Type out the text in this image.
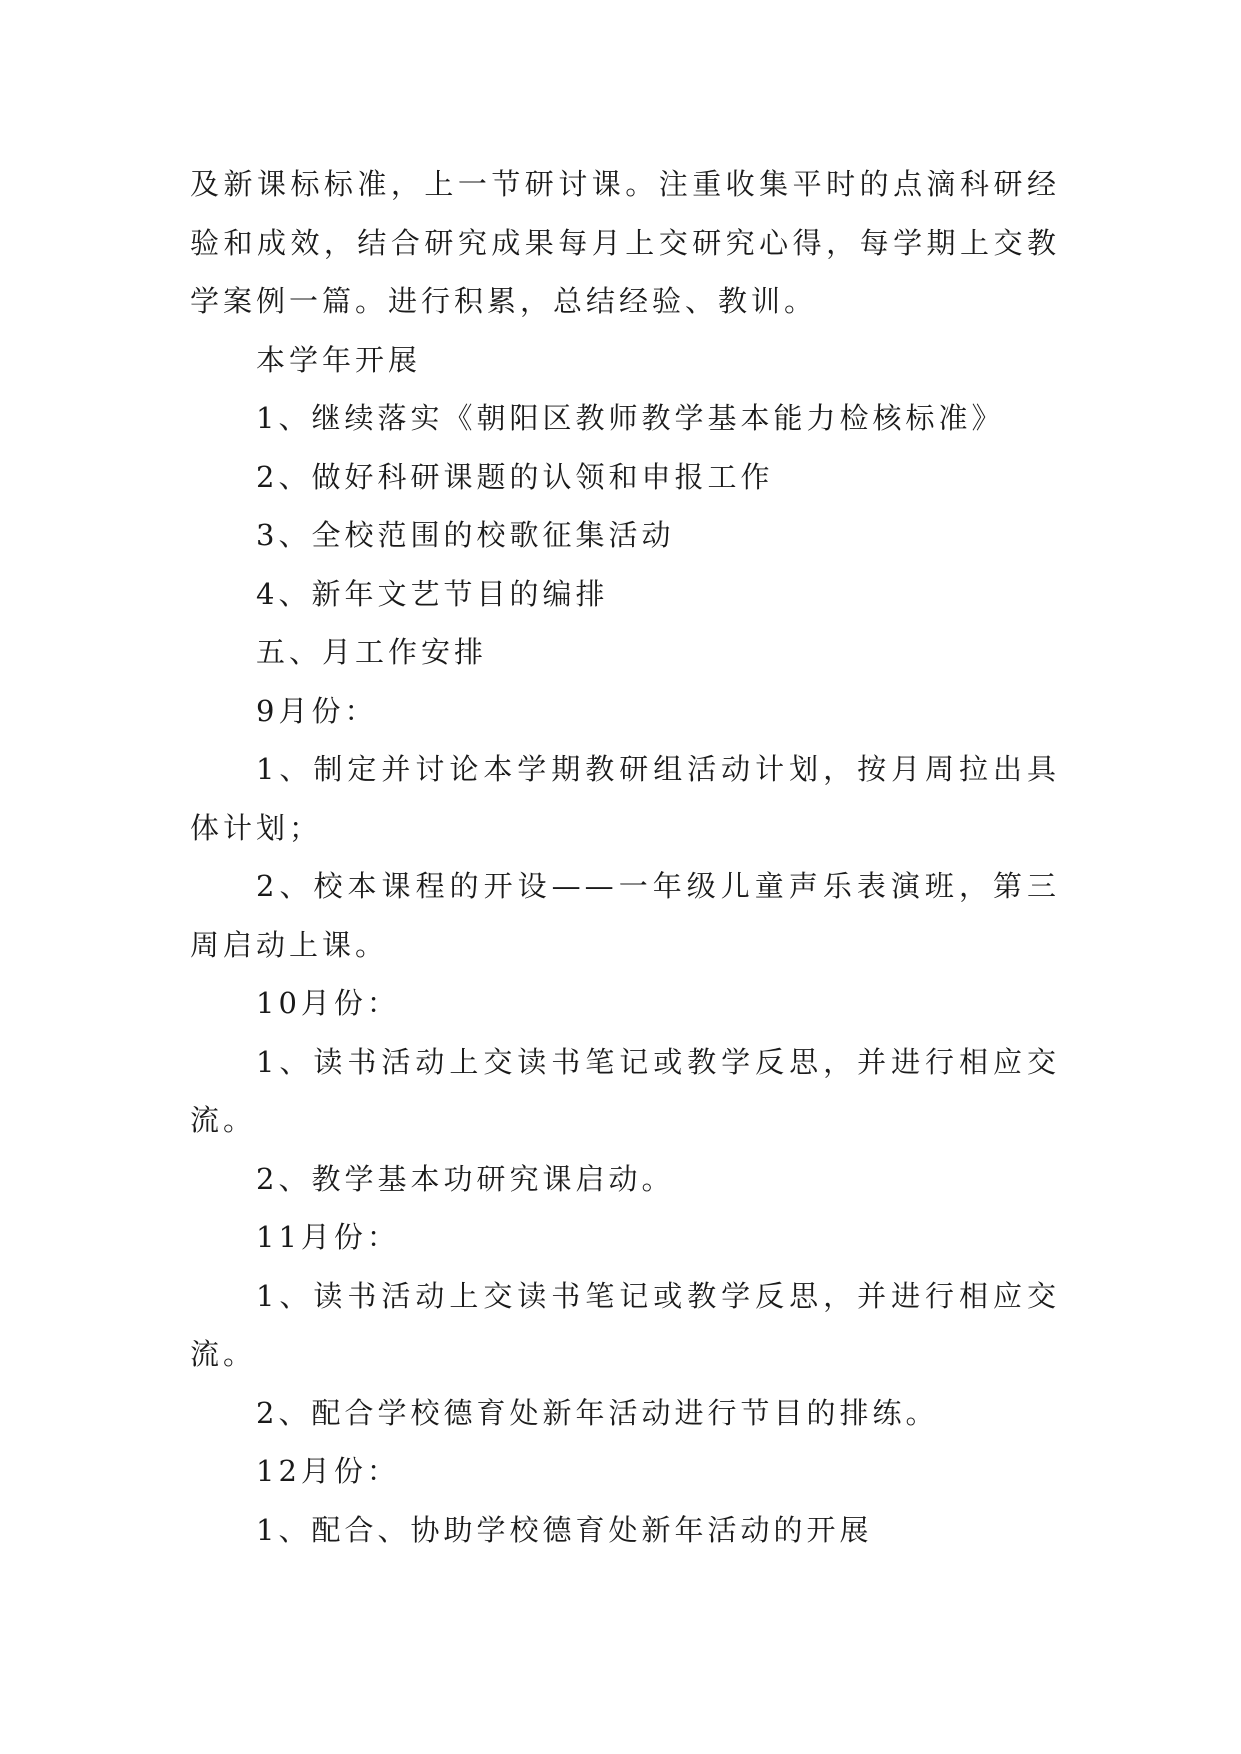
及新课标标准，上一节研讨课。注重收集平时的点滴科研经验和成效，结合研究成果每月上交研究心得，每学期上交教学案例一篇。进行积累，总结经验、教训。

本学年开展

1、继续落实《朝阳区教师教学基本能力检核标准》

2、做好科研课题的认领和申报工作

3、全校范围的校歌征集活动

4、新年文艺节目的编排

五、月工作安排

9月份：

1、制定并讨论本学期教研组活动计划，按月周拉出具体计划；

2、校本课程的开设——一年级儿童声乐表演班，第三周启动上课。

10月份：

1、读书活动上交读书笔记或教学反思，并进行相应交流。

2、教学基本功研究课启动。

11月份：

1、读书活动上交读书笔记或教学反思，并进行相应交流。

2、配合学校德育处新年活动进行节目的排练。

12月份：

1、配合、协助学校德育处新年活动的开展
